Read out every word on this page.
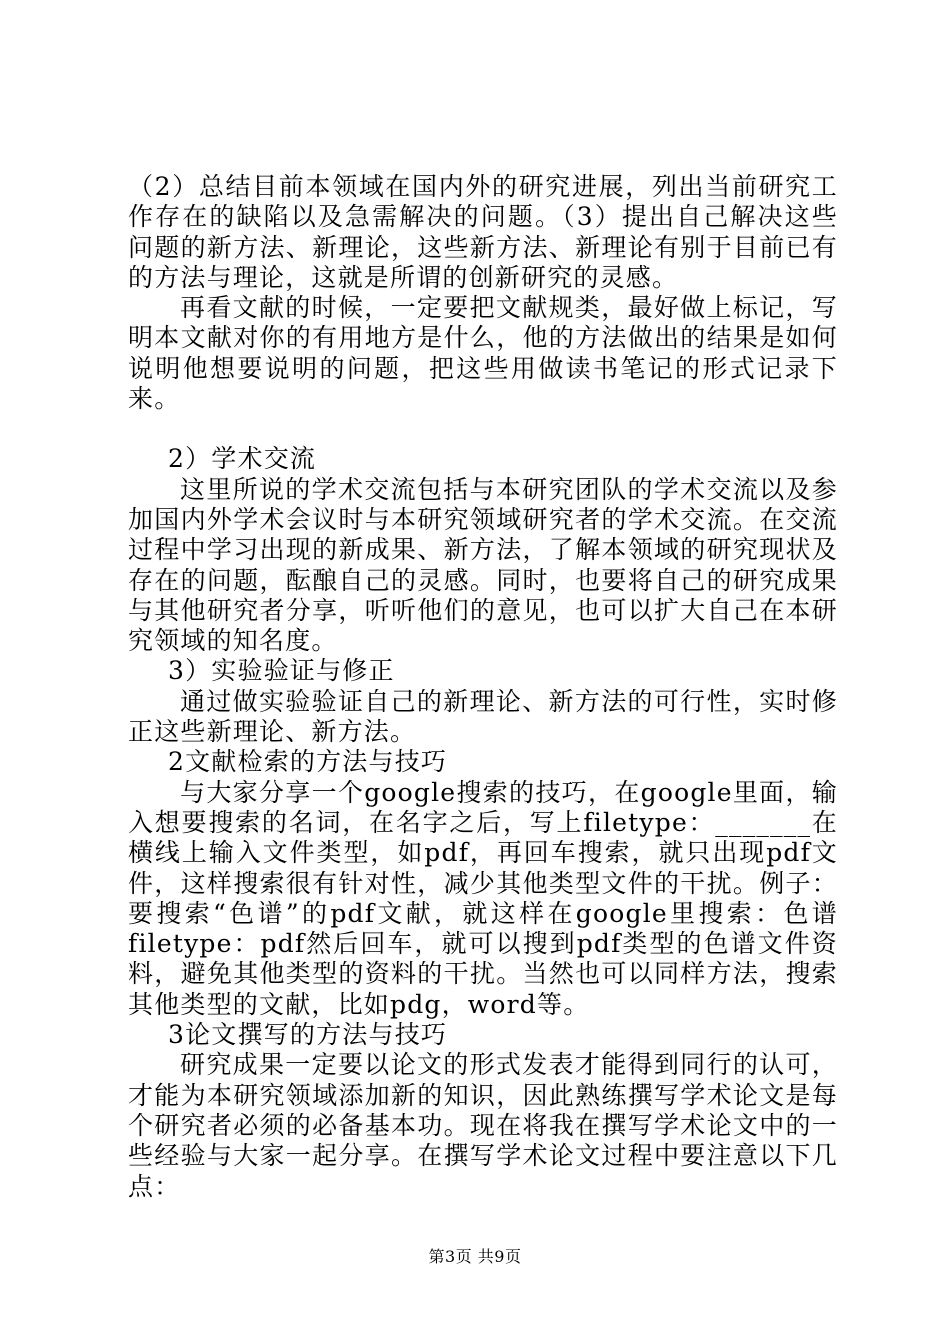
（2）总结目前本领域在国内外的研究进展，列出当前研究工作存在的缺陷以及急需解决的问题。（3）提出自己解决这些问题的新方法、新理论，这些新方法、新理论有别于目前已有的方法与理论，这就是所谓的创新研究的灵感。

再看文献的时候，一定要把文献规类，最好做上标记，写明本文献对你的有用地方是什么，他的方法做出的结果是如何说明他想要说明的问题，把这些用做读书笔记的形式记录下来。

2）学术交流

这里所说的学术交流包括与本研究团队的学术交流以及参加国内外学术会议时与本研究领域研究者的学术交流。在交流过程中学习出现的新成果、新方法，了解本领域的研究现状及存在的问题，酝酿自己的灵感。同时，也要将自己的研究成果与其他研究者分享，听听他们的意见，也可以扩大自己在本研究领域的知名度。

3）实验验证与修正

通过做实验验证自己的新理论、新方法的可行性，实时修正这些新理论、新方法。

2文献检索的方法与技巧

与大家分享一个google搜索的技巧，在google里面，输入想要搜索的名词，在名字之后，写上filetype：_______在横线上输入文件类型，如pdf，再回车搜索，就只出现pdf文件，这样搜索很有针对性，减少其他类型文件的干扰。例子：要搜索“色谱”的pdf文献，就这样在google里搜索：色谱filetype：pdf然后回车，就可以搜到pdf类型的色谱文件资料，避免其他类型的资料的干扰。当然也可以同样方法，搜索其他类型的文献，比如pdg，word等。

3论文撰写的方法与技巧

研究成果一定要以论文的形式发表才能得到同行的认可，才能为本研究领域添加新的知识，因此熟练撰写学术论文是每个研究者必须的必备基本功。现在将我在撰写学术论文中的一些经验与大家一起分享。在撰写学术论文过程中要注意以下几点：

第3页 共9页
